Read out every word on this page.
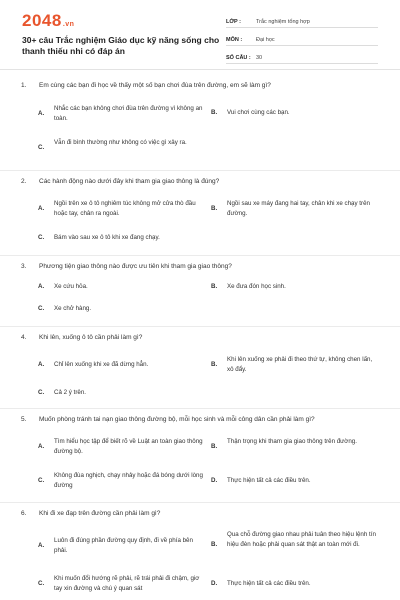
2048.vn
30+ câu Trắc nghiệm Giáo dục kỹ năng sống cho thanh thiếu nhi có đáp án
LỚP :	Trắc nghiệm tổng hợp
MÔN :	Đại học
SỐ CÂU : 30
1. Em cùng các bạn đi học về thấy một số bạn chơi đùa trên đường, em sẽ làm gì?
A.
Nhắc các bạn không chơi đùa trên đường vì không an toàn.
B. Vui chơi cùng các bạn.
C.
Vẫn đi bình thường như không có việc gì xảy ra.
2. Các hành động nào dưới đây khi tham gia giao thông là đúng?
A.
Ngồi trên xe ô tô nghiêm túc không mở cửa thò đầu hoặc tay, chân ra ngoài.
B.
Ngồi sau xe máy đang hai tay, chân khi xe chạy trên đường.
C. Bám vào sau xe ô tô khi xe đang chạy.
3. Phương tiện giao thông nào được ưu tiên khi tham gia giao thông?
A. Xe cứu hỏa.	B. Xe đưa đón học sinh.
C. Xe chở hàng.
4. Khi lên, xuống ô tô cần phải làm gì?
A. Chỉ lên xuống khi xe đã dừng hẳn.	B.
Khi lên xuống xe phải đi theo thứ tự, không chen lấn, xô đẩy.
C. Cả 2 ý trên.
5. Muốn phòng tránh tai nạn giao thông đường bộ, mỗi học sinh và mỗi công dân cần phải làm gì?
A.
Tìm hiểu học tập để biết rõ về Luật an toàn giao thông đường bộ.
B.
Thận trọng khi tham gia giao thông trên đường.
C.
Không đùa nghịch, chạy nhảy hoặc đá bóng dưới lòng đường
D. Thực hiện tất cả các điều trên.
6. Khi đi xe đạp trên đường cần phải làm gì?
A.
Luôn đi đúng phần đường quy định, đi về phía bên phải.
B.
Qua chỗ đường giao nhau phải tuân theo hiệu lệnh tín hiệu đèn hoặc phải quan sát thật an toàn mới đi.
C.
Khi muốn đổi hướng rẽ phải, rẽ trái phải đi chậm, giơ tay xin đường và chú ý quan sát
D. Thực hiện tất cả các điều trên.
